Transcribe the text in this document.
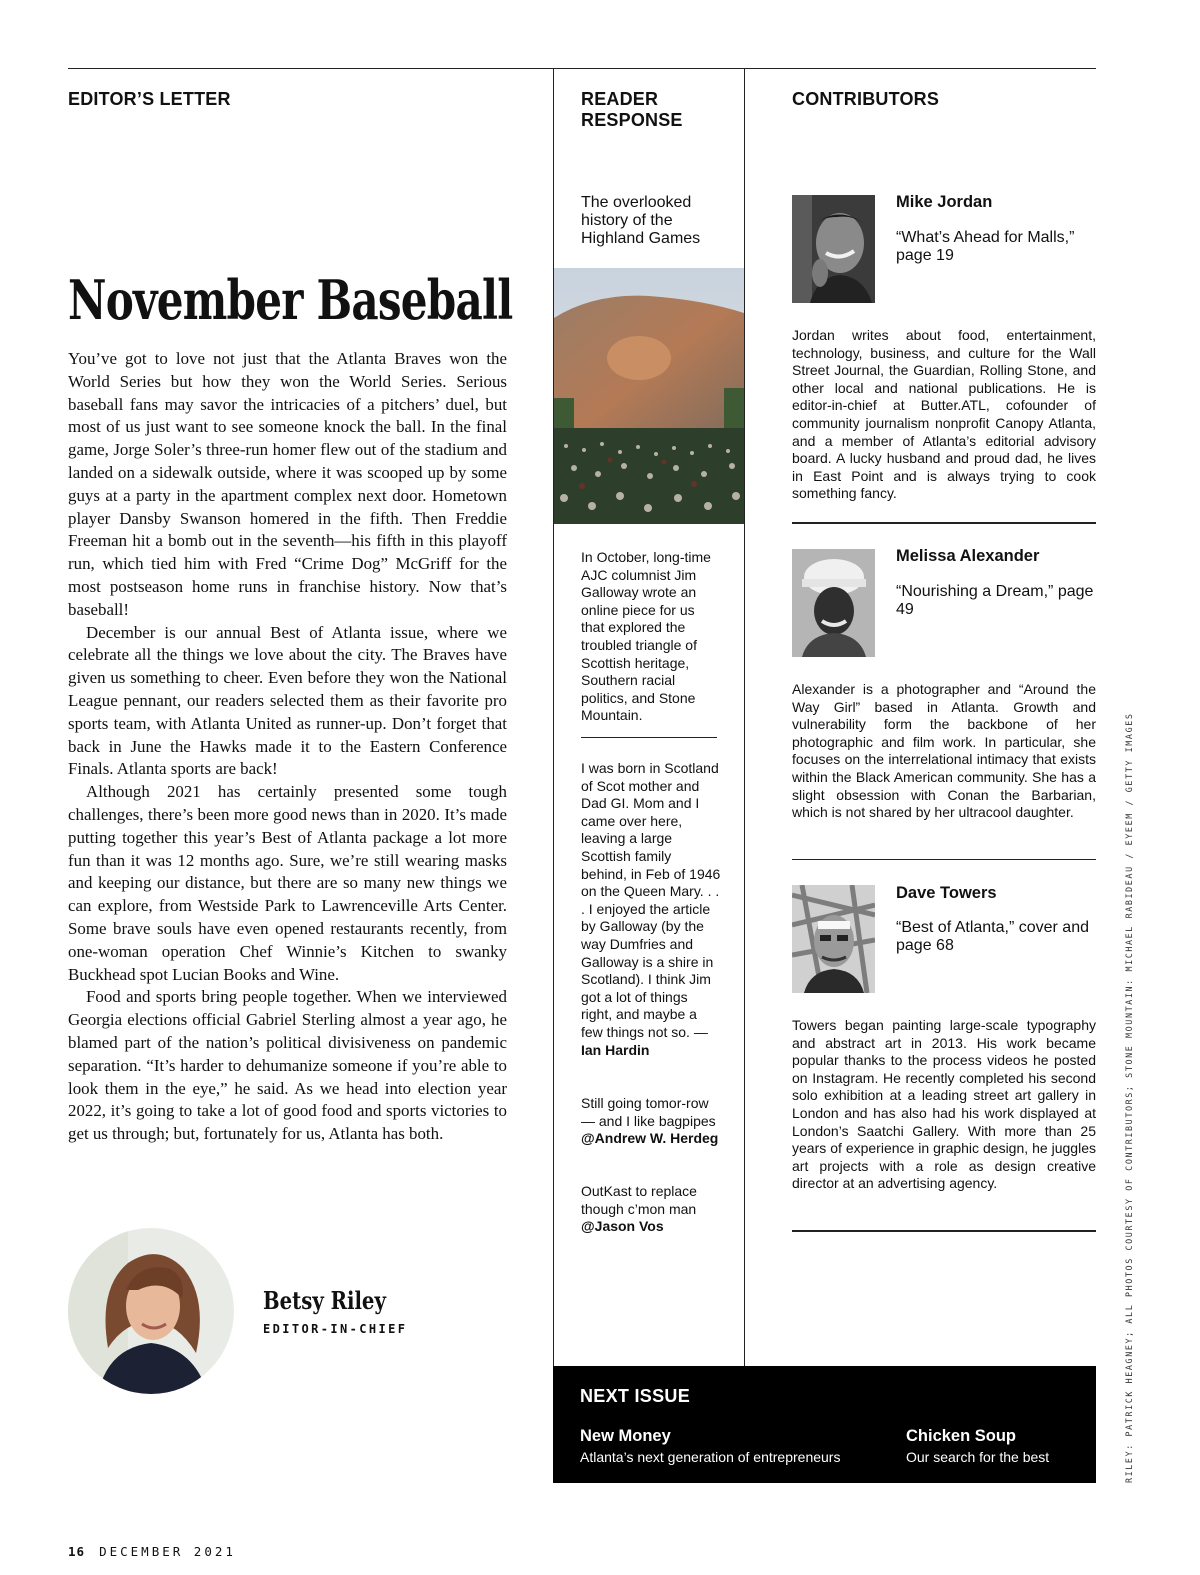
EDITOR’S LETTER
November Baseball

You’ve got to love not just that the Atlanta Braves won the World Series but how they won the World Series. Serious baseball fans may savor the intricacies of a pitchers’ duel, but most of us just want to see someone knock the ball. In the final game, Jorge Soler’s three-run homer flew out of the stadium and landed on a sidewalk outside, where it was scooped up by some guys at a party in the apartment complex next door. Hometown player Dansby Swanson homered in the fifth. Then Freddie Freeman hit a bomb out in the seventh—his fifth in this playoff run, which tied him with Fred “Crime Dog” McGriff for the most postseason home runs in franchise history. Now that’s baseball!

December is our annual Best of Atlanta issue, where we celebrate all the things we love about the city. The Braves have given us something to cheer. Even before they won the National League pennant, our readers selected them as their favorite pro sports team, with Atlanta United as runner-up. Don’t forget that back in June the Hawks made it to the Eastern Conference Finals. Atlanta sports are back!

Although 2021 has certainly presented some tough challenges, there’s been more good news than in 2020. It’s made putting together this year’s Best of Atlanta package a lot more fun than it was 12 months ago. Sure, we’re still wearing masks and keeping our distance, but there are so many new things we can explore, from Westside Park to Lawrenceville Arts Center. Some brave souls have even opened restaurants recently, from one-woman operation Chef Winnie’s Kitchen to swanky Buckhead spot Lucian Books and Wine.

Food and sports bring people together. When we interviewed Georgia elections official Gabriel Sterling almost a year ago, he blamed part of the nation’s political divisiveness on pandemic separation. “It’s harder to dehumanize someone if you’re able to look them in the eye,” he said. As we head into election year 2022, it’s going to take a lot of good food and sports victories to get us through; but, fortunately for us, Atlanta has both.

Betsy Riley
EDITOR-IN-CHIEF
16 DECEMBER 2021
READER RESPONSE
The overlooked history of the Highland Games
In October, long-time AJC columnist Jim Galloway wrote an online piece for us that explored the troubled triangle of Scottish heritage, Southern racial politics, and Stone Mountain.
I was born in Scotland of Scot mother and Dad GI. Mom and I came over here, leaving a large Scottish family behind, in Feb of 1946 on the Queen Mary. . . . I enjoyed the article by Galloway (by the way Dumfries and Galloway is a shire in Scotland). I think Jim got a lot of things right, and maybe a few things not so. —Ian Hardin
Still going tomor-row — and I like bagpipes @Andrew W. Herdeg
OutKast to replace though c’mon man @Jason Vos
CONTRIBUTORS
Mike Jordan
“What’s Ahead for Malls,” page 19
Jordan writes about food, entertainment, technology, business, and culture for the Wall Street Journal, the Guardian, Rolling Stone, and other local and national publications. He is editor-in-chief at Butter.ATL, cofounder of community journalism nonprofit Canopy Atlanta, and a member of Atlanta’s editorial advisory board. A lucky husband and proud dad, he lives in East Point and is always trying to cook something fancy.
Melissa Alexander
“Nourishing a Dream,” page 49
Alexander is a photographer and “Around the Way Girl” based in Atlanta. Growth and vulnerability form the backbone of her photographic and film work. In particular, she focuses on the interrelational intimacy that exists within the Black American community. She has a slight obsession with Conan the Barbarian, which is not shared by her ultracool daughter.
Dave Towers
“Best of Atlanta,” cover and page 68
Towers began painting large-scale typography and abstract art in 2013. His work became popular thanks to the process videos he posted on Instagram. He recently completed his second solo exhibition at a leading street art gallery in London and has also had his work displayed at London’s Saatchi Gallery. With more than 25 years of experience in graphic design, he juggles art projects with a role as design creative director at an advertising agency.
NEXT ISSUE
New Money
Atlanta’s next generation of entrepreneurs
Chicken Soup
Our search for the best	RILEY: PATRICK HEAGNEY; ALL PHOTOS COURTESY OF CONTRIBUTORS; STONE MOUNTAIN: MICHAEL RABIDEAU / EYEEM / GETTY IMAGES
